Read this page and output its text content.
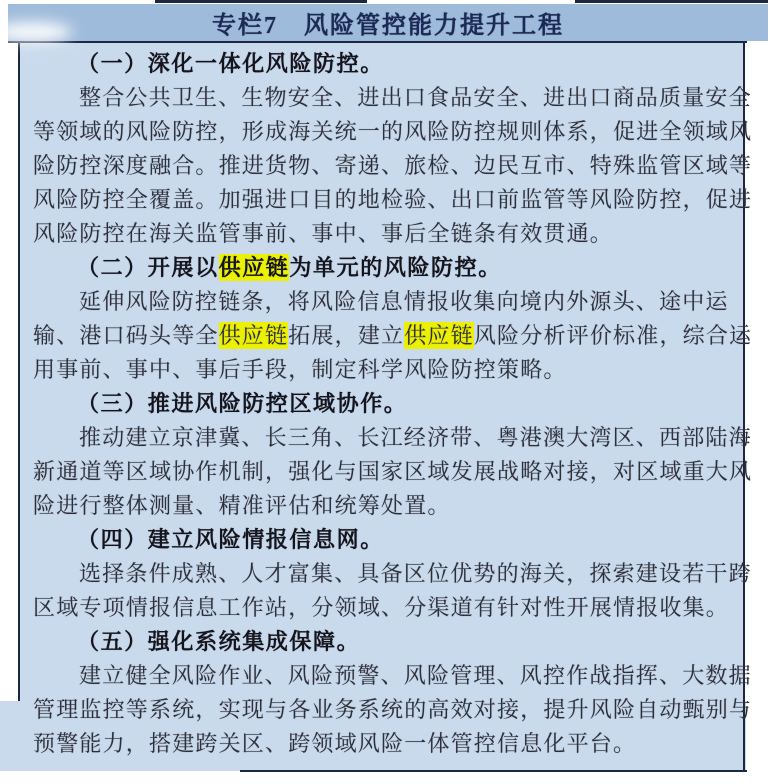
专栏7　风险管控能力提升工程
（一）深化一体化风险防控。
整合公共卫生、生物安全、进出口食品安全、进出口商品质量安全
等领域的风险防控，形成海关统一的风险防控规则体系，促进全领域风
险防控深度融合。推进货物、寄递、旅检、边民互市、特殊监管区域等
风险防控全覆盖。加强进口目的地检验、出口前监管等风险防控，促进
风险防控在海关监管事前、事中、事后全链条有效贯通。
（二）开展以供应链为单元的风险防控。
延伸风险防控链条，将风险信息情报收集向境内外源头、途中运
输、港口码头等全供应链拓展，建立供应链风险分析评价标准，综合运
用事前、事中、事后手段，制定科学风险防控策略。
（三）推进风险防控区域协作。
推动建立京津冀、长三角、长江经济带、粤港澳大湾区、西部陆海
新通道等区域协作机制，强化与国家区域发展战略对接，对区域重大风
险进行整体测量、精准评估和统筹处置。
（四）建立风险情报信息网。
选择条件成熟、人才富集、具备区位优势的海关，探索建设若干跨
区域专项情报信息工作站，分领域、分渠道有针对性开展情报收集。
（五）强化系统集成保障。
建立健全风险作业、风险预警、风险管理、风控作战指挥、大数据
管理监控等系统，实现与各业务系统的高效对接，提升风险自动甄别与
预警能力，搭建跨关区、跨领域风险一体管控信息化平台。
